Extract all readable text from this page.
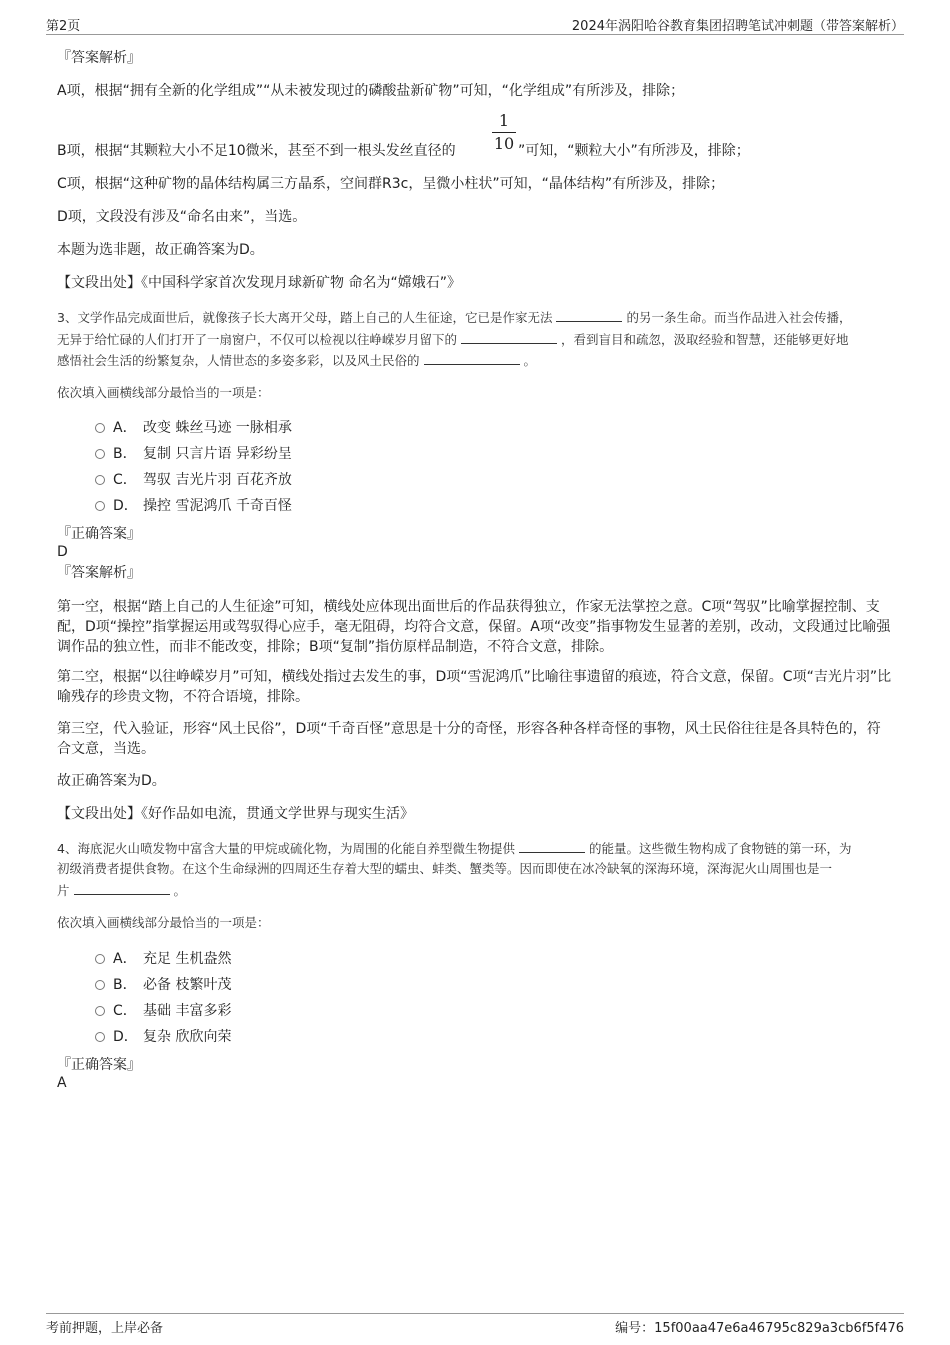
第2页	2024年涡阳哈谷教育集团招聘笔试冲刺题（带答案解析）
『答案解析』
A项，根据“拥有全新的化学组成”“从未被发现过的磷酸盐新矿物”可知，“化学组成”有所涉及，排除；
B项，根据“其颗粒大小不足10微米，甚至不到一根头发丝直径的
1
10 ”可知，“颗粒大小”有所涉及，排除；
C项，根据“这种矿物的晶体结构属三方晶系，空间群R3c，呈微小柱状”可知，“晶体结构”有所涉及，排除；
D项，文段没有涉及“命名由来”，当选。
本题为选非题，故正确答案为D。
【文段出处】《中国科学家首次发现月球新矿物 命名为“嫦娥石”》
3、文学作品完成面世后，就像孩子长大离开父母，踏上自己的人生征途，它已是作家无法	的另一条生命。而当作品进入社会传播，
无异于给忙碌的人们打开了一扇窗户，不仅可以检视以往峥嵘岁月留下的	，看到盲目和疏忽，汲取经验和智慧，还能够更好地
感悟社会生活的纷繁复杂，人情世态的多姿多彩，以及风土民俗的	。
依次填入画横线部分最恰当的一项是：
A． 改变 蛛丝马迹 一脉相承
B． 复制 只言片语 异彩纷呈
C． 驾驭 吉光片羽 百花齐放
D． 操控 雪泥鸿爪 千奇百怪
『正确答案』
D
『答案解析』
第一空，根据“踏上自己的人生征途”可知，横线处应体现出面世后的作品获得独立，作家无法掌控之意。C项“驾驭”比喻掌握控制、支配，D项“操控”指掌握运用或驾驭得心应手，毫无阻碍，均符合文意，保留。A项“改变”指事物发生显著的差别，改动，文段通过比喻强调作品的独立性，而非不能改变，排除；B项“复制”指仿原样品制造，不符合文意，排除。
第二空，根据“以往峥嵘岁月”可知，横线处指过去发生的事，D项“雪泥鸿爪”比喻往事遗留的痕迹，符合文意，保留。C项“吉光片羽”比喻残存的珍贵文物，不符合语境，排除。
第三空，代入验证，形容“风土民俗”，D项“千奇百怪”意思是十分的奇怪，形容各种各样奇怪的事物，风土民俗往往是各具特色的，符合文意，当选。
故正确答案为D。
【文段出处】《好作品如电流，贯通文学世界与现实生活》
4、海底泥火山喷发物中富含大量的甲烷或硫化物，为周围的化能自养型微生物提供	的能量。这些微生物构成了食物链的第一环，为
初级消费者提供食物。在这个生命绿洲的四周还生存着大型的蠕虫、蚌类、蟹类等。因而即使在冰冷缺氧的深海环境，深海泥火山周围也是一
片	。
依次填入画横线部分最恰当的一项是：
A． 充足 生机盎然
B． 必备 枝繁叶茂
C． 基础 丰富多彩
D． 复杂 欣欣向荣
『正确答案』
A
考前押题，上岸必备	编号：15f00aa47e6a46795c829a3cb6f5f476
